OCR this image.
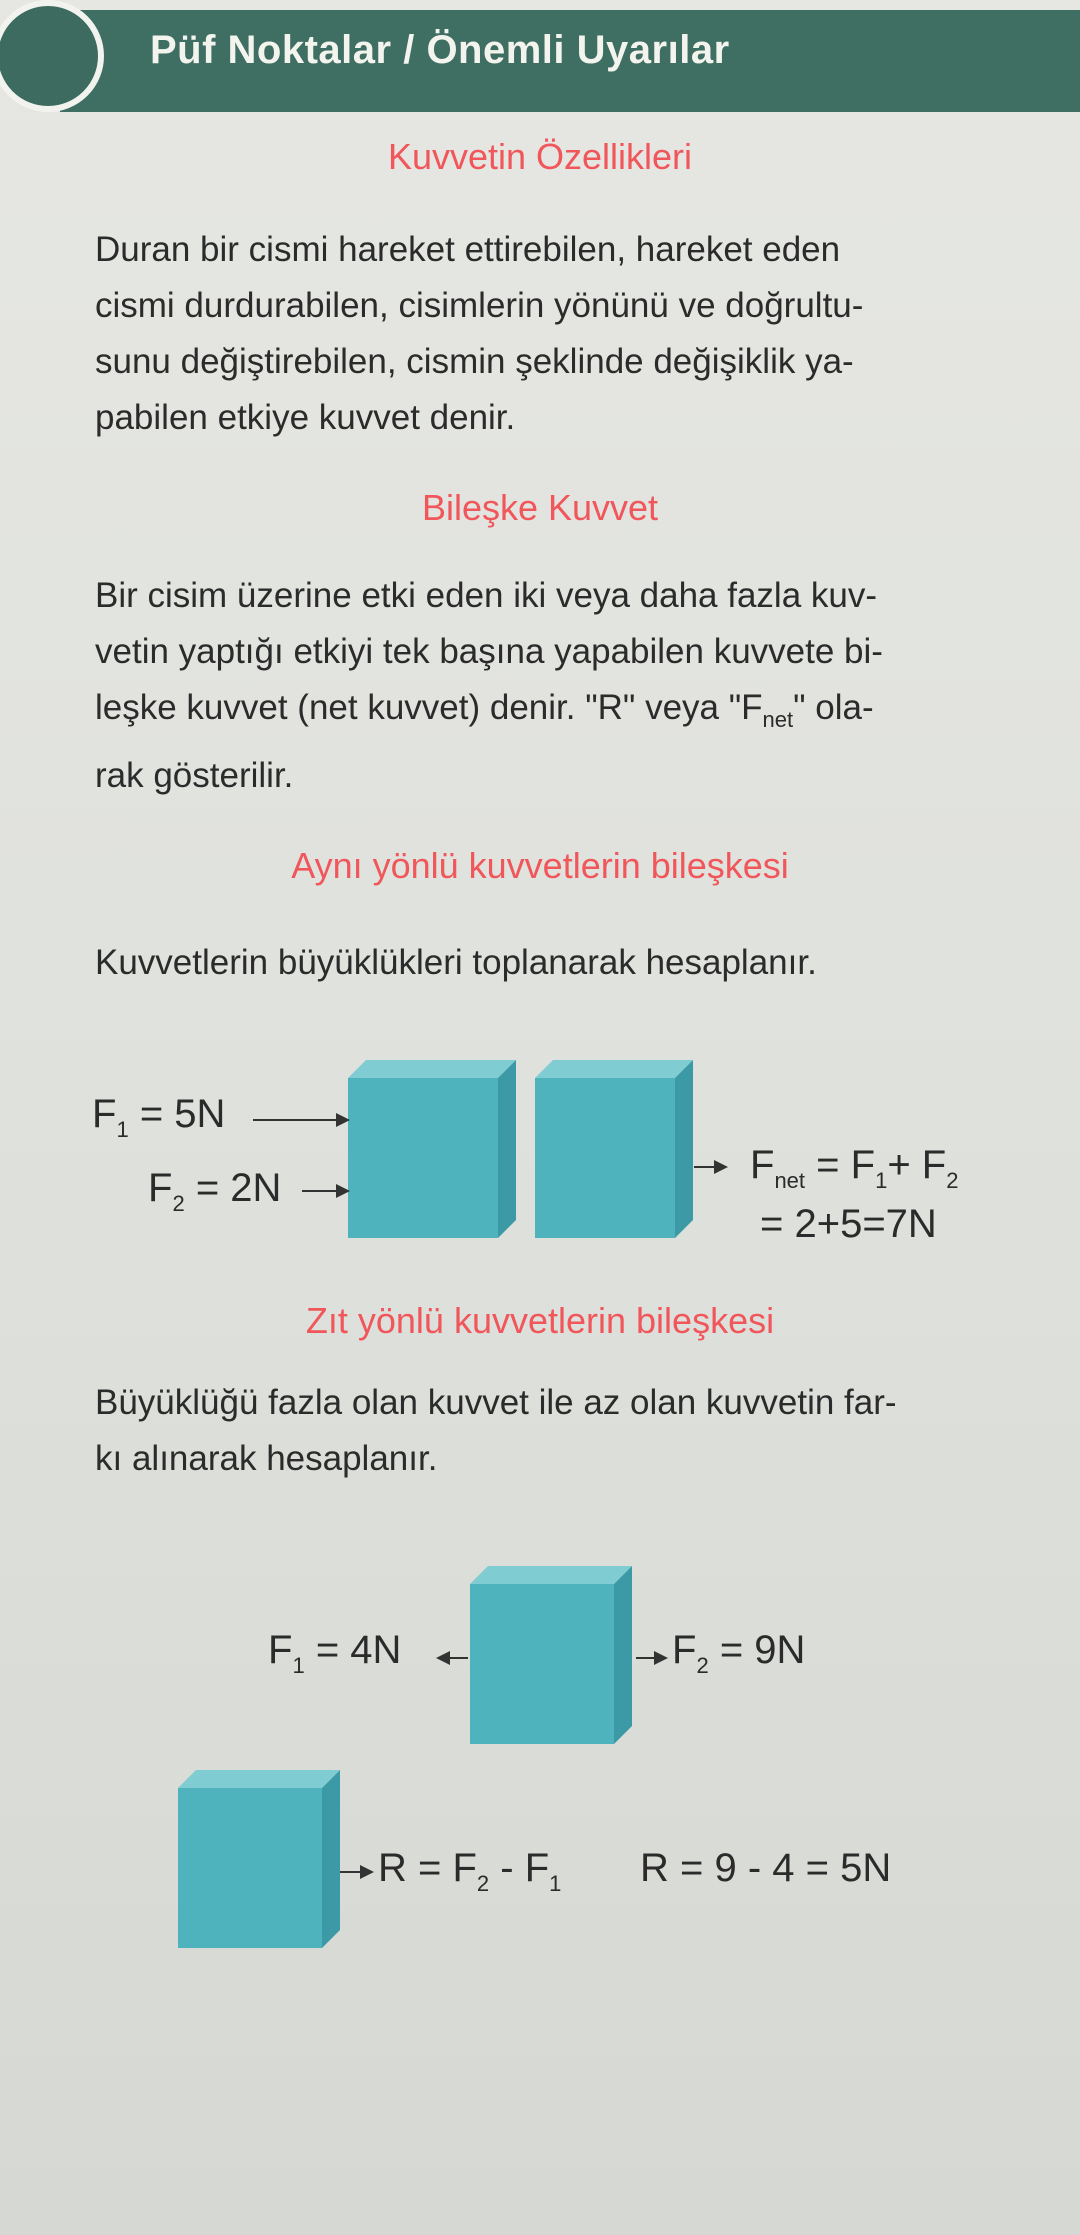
Püf Noktalar / Önemli Uyarılar
Kuvvetin Özellikleri

Duran bir cismi hareket ettirebilen, hareket eden

cismi durdurabilen, cisimlerin yönünü ve doğrultu-

sunu değiştirebilen, cismin şeklinde değişiklik ya-

pabilen etkiye kuvvet denir.

Bileşke Kuvvet

Bir cisim üzerine etki eden iki veya daha fazla kuv-

vetin yaptığı etkiyi tek başına yapabilen kuvvete bi-

leşke kuvvet (net kuvvet) denir. "R" veya "$F_{net}$" ola-

rak gösterilir.

Aynı yönlü kuvvetlerin bileşkesi

Kuvvetlerin büyüklükleri toplanarak hesaplanır.

$F_1 = 5N$
$F_2 = 2N$
$F_{net} = F_1+ F_2$
= 2+5=7N
Zıt yönlü kuvvetlerin bileşkesi

Büyüklüğü fazla olan kuvvet ile az olan kuvvetin far-

kı alınarak hesaplanır.

$F_1 = 4N$	$F_2 = 9N$
$R = F_2 - F_1$ R = 9 - 4 = 5N
